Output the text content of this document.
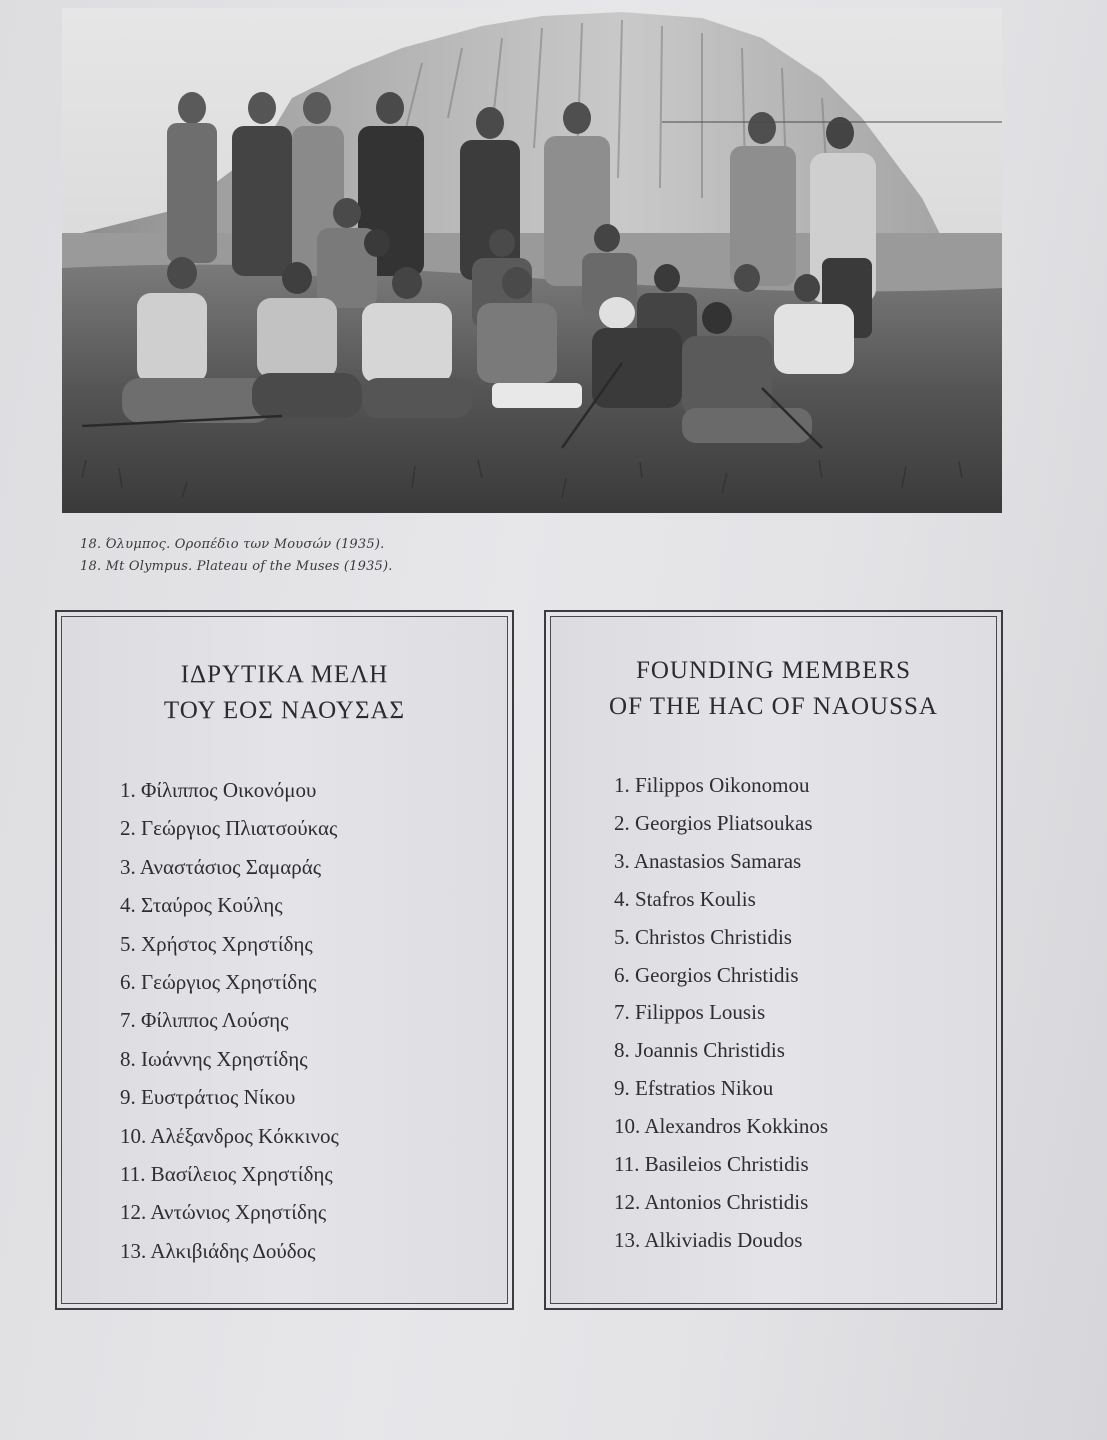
18. Όλυμπος. Οροπέδιο των Μουσών (1935).
18. Mt Olympus. Plateau of the Muses (1935).
ΙΔΡΥΤΙΚΑ ΜΕΛΗ
ΤΟΥ ΕΟΣ ΝΑΟΥΣΑΣ
1. Φίλιππος Οικονόμου
2. Γεώργιος Πλιατσούκας
3. Αναστάσιος Σαμαράς
4. Σταύρος Κούλης
5. Χρήστος Χρηστίδης
6. Γεώργιος Χρηστίδης
7. Φίλιππος Λούσης
8. Ιωάννης Χρηστίδης
9. Ευστράτιος Νίκου
10. Αλέξανδρος Κόκκινος
11. Βασίλειος Χρηστίδης
12. Αντώνιος Χρηστίδης
13. Αλκιβιάδης Δούδος
FOUNDING MEMBERS
OF THE HAC OF NAOUSSA
1. Filippos Oikonomou
2. Georgios Pliatsoukas
3. Anastasios Samaras
4. Stafros Koulis
5. Christos Christidis
6. Georgios Christidis
7. Filippos Lousis
8. Joannis Christidis
9. Efstratios Nikou
10. Alexandros Kokkinos
11. Basileios Christidis
12. Antonios Christidis
13. Alkiviadis Doudos
